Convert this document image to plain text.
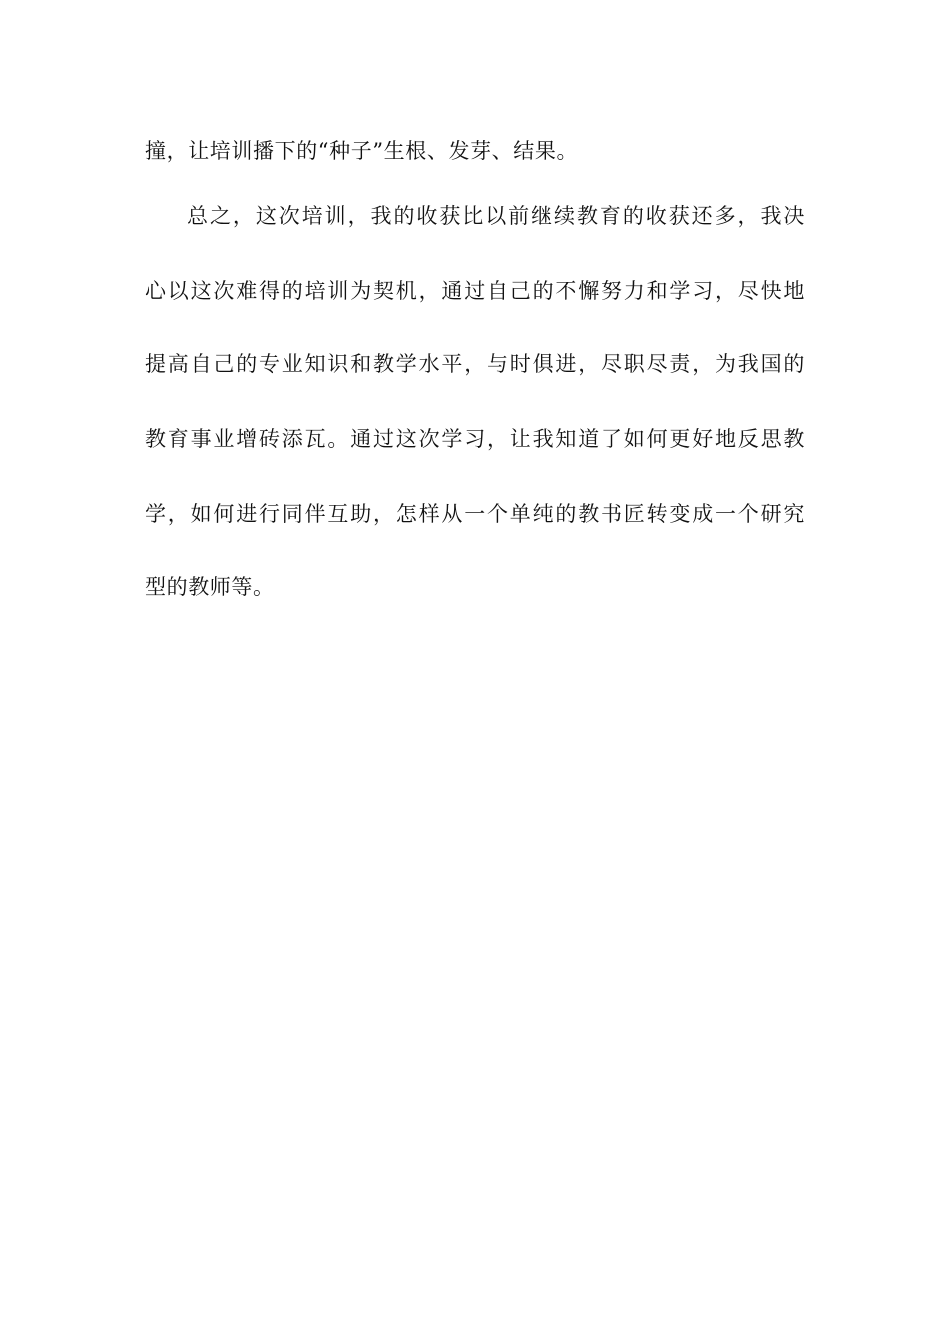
撞，让培训播下的“种子”生根、发芽、结果。
总之，这次培训，我的收获比以前继续教育的收获还多，我决
心以这次难得的培训为契机，通过自己的不懈努力和学习，尽快地
提高自己的专业知识和教学水平，与时俱进，尽职尽责，为我国的
教育事业增砖添瓦。通过这次学习，让我知道了如何更好地反思教
学，如何进行同伴互助，怎样从一个单纯的教书匠转变成一个研究
型的教师等。
